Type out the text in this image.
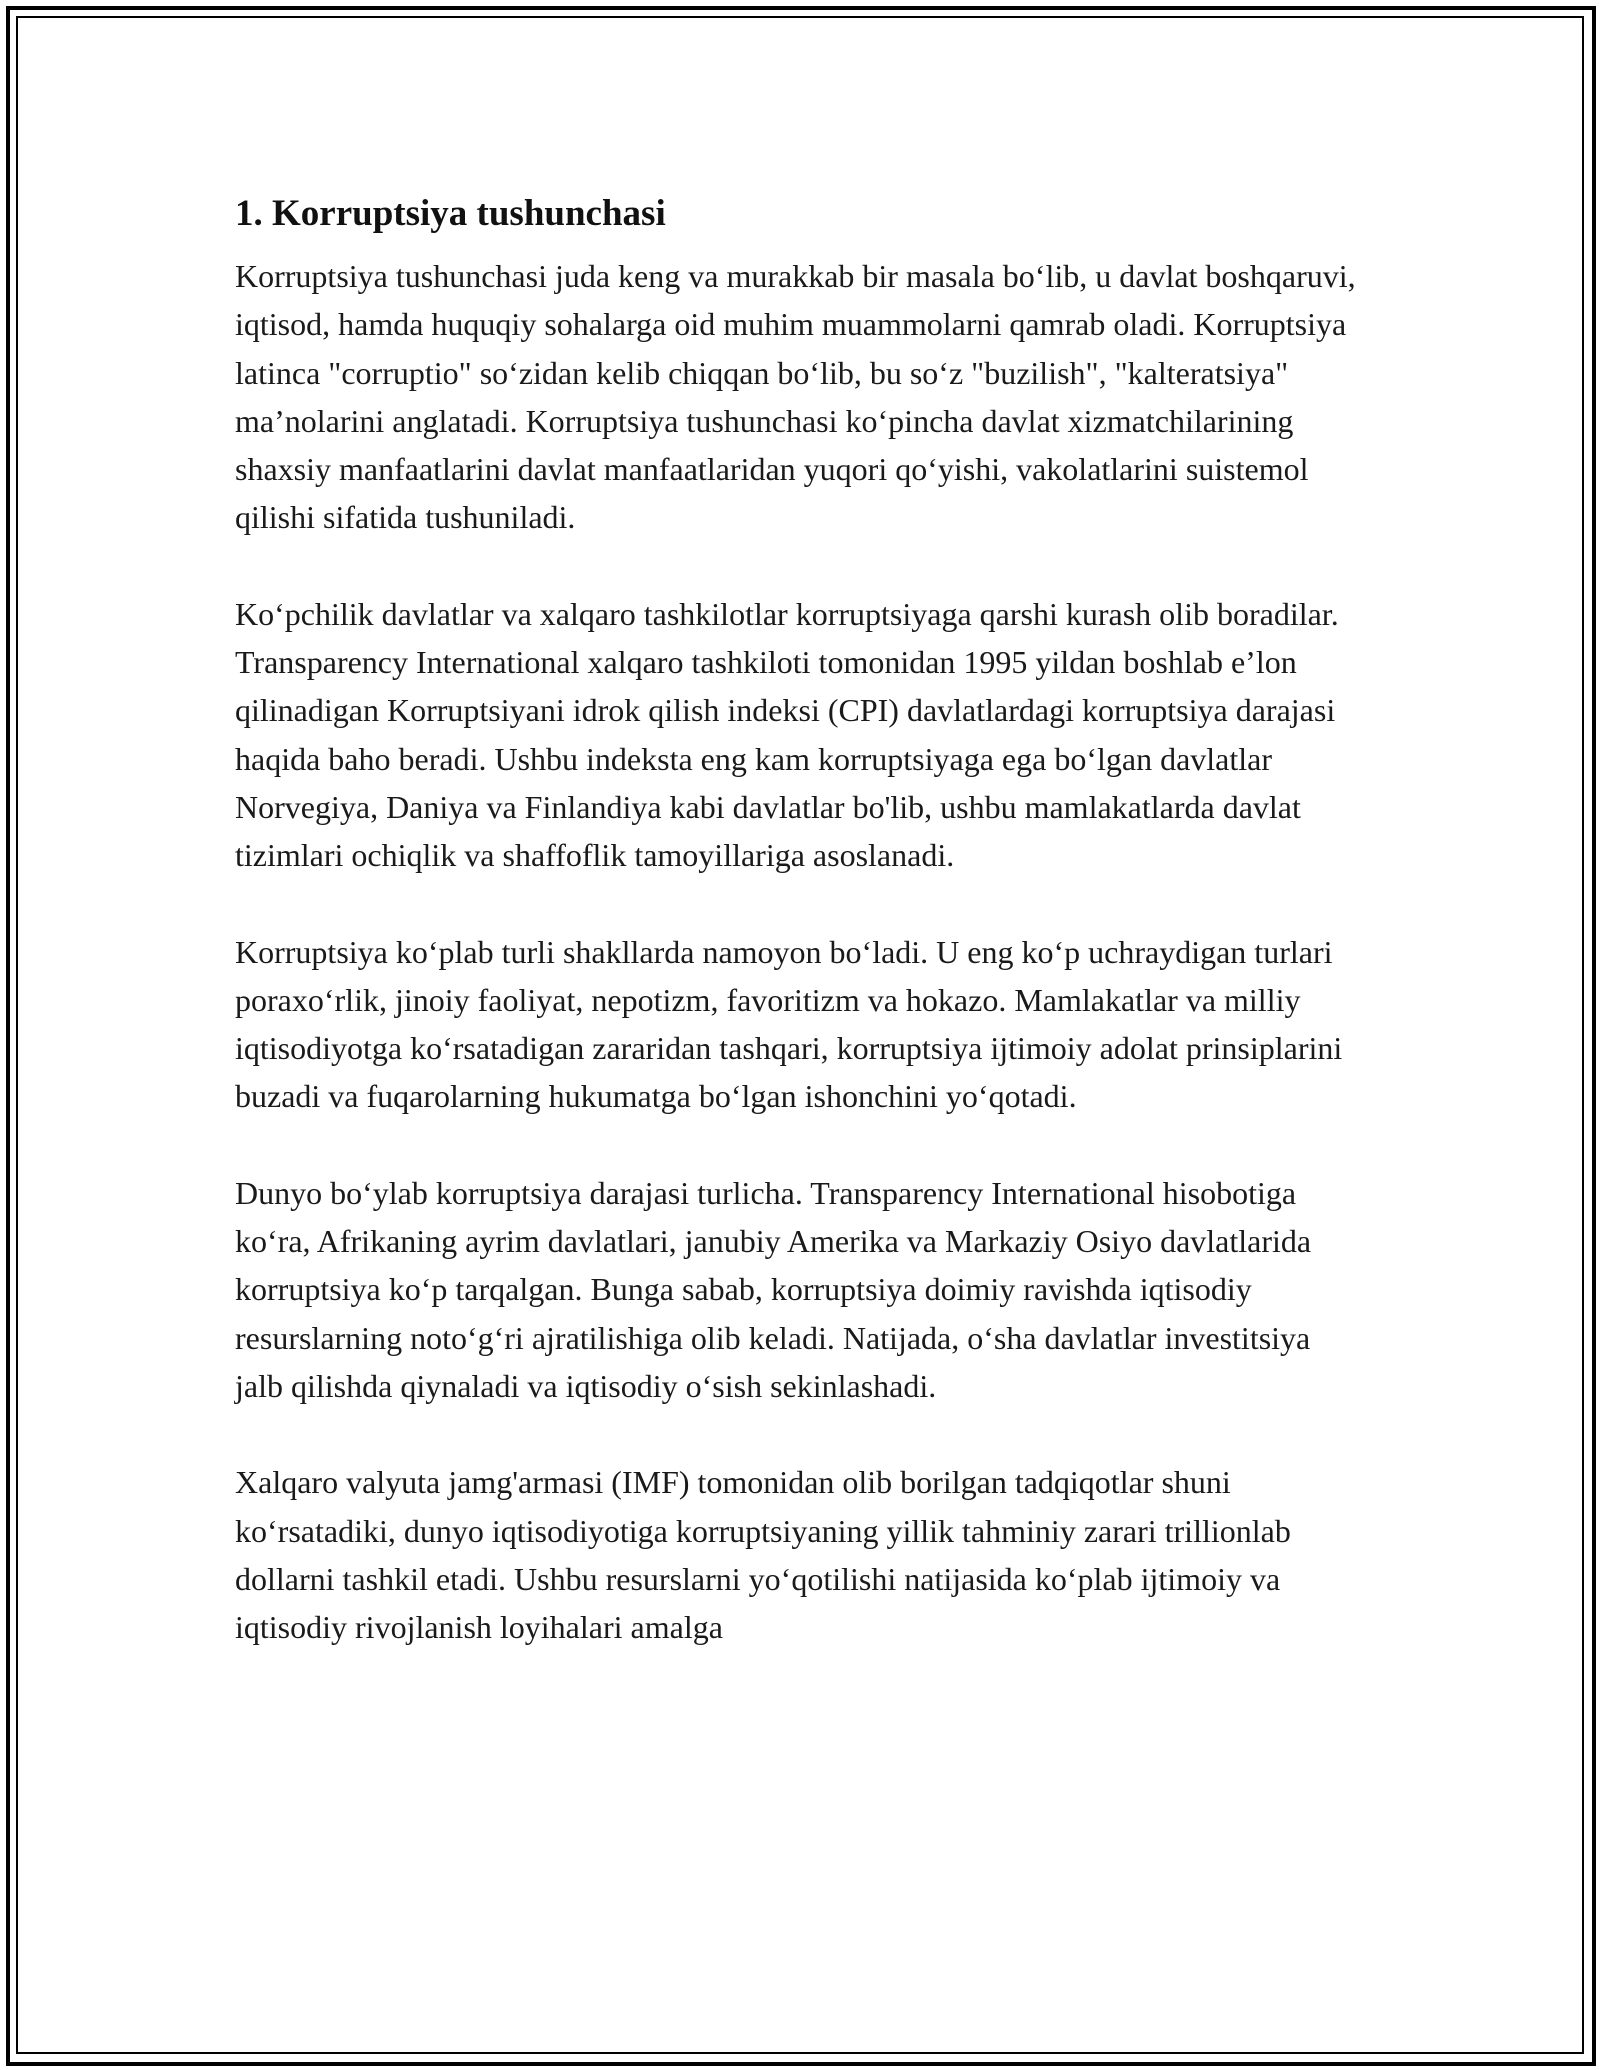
1. Korruptsiya tushunchasi

Korruptsiya tushunchasi juda keng va murakkab bir masala boʻlib, u davlat boshqaruvi, iqtisod, hamda huquqiy sohalarga oid muhim muammolarni qamrab oladi. Korruptsiya latinca "corruptio" soʻzidan kelib chiqqan boʻlib, bu soʻz "buzilish", "kalteratsiya" ma’nolarini anglatadi. Korruptsiya tushunchasi koʻpincha davlat xizmatchilarining shaxsiy manfaatlarini davlat manfaatlaridan yuqori qoʻyishi, vakolatlarini suistemol qilishi sifatida tushuniladi.

Koʻpchilik davlatlar va xalqaro tashkilotlar korruptsiyaga qarshi kurash olib boradilar. Transparency International xalqaro tashkiloti tomonidan 1995 yildan boshlab e’lon qilinadigan Korruptsiyani idrok qilish indeksi (CPI) davlatlardagi korruptsiya darajasi haqida baho beradi. Ushbu indeksta eng kam korruptsiyaga ega boʻlgan davlatlar Norvegiya, Daniya va Finlandiya kabi davlatlar bo'lib, ushbu mamlakatlarda davlat tizimlari ochiqlik va shaffoflik tamoyillariga asoslanadi.

Korruptsiya koʻplab turli shakllarda namoyon boʻladi. U eng koʻp uchraydigan turlari poraxoʻrlik, jinoiy faoliyat, nepotizm, favoritizm va hokazo. Mamlakatlar va milliy iqtisodiyotga koʻrsatadigan zararidan tashqari, korruptsiya ijtimoiy adolat prinsiplarini buzadi va fuqarolarning hukumatga boʻlgan ishonchini yoʻqotadi.

Dunyo boʻylab korruptsiya darajasi turlicha. Transparency International hisobotiga koʻra, Afrikaning ayrim davlatlari, janubiy Amerika va Markaziy Osiyo davlatlarida korruptsiya koʻp tarqalgan. Bunga sabab, korruptsiya doimiy ravishda iqtisodiy resurslarning notoʻgʻri ajratilishiga olib keladi. Natijada, oʻsha davlatlar investitsiya jalb qilishda qiynaladi va iqtisodiy oʻsish sekinlashadi.

Xalqaro valyuta jamg'armasi (IMF) tomonidan olib borilgan tadqiqotlar shuni koʻrsatadiki, dunyo iqtisodiyotiga korruptsiyaning yillik tahminiy zarari trillionlab dollarni tashkil etadi. Ushbu resurslarni yoʻqotilishi natijasida koʻplab ijtimoiy va iqtisodiy rivojlanish loyihalari amalga
